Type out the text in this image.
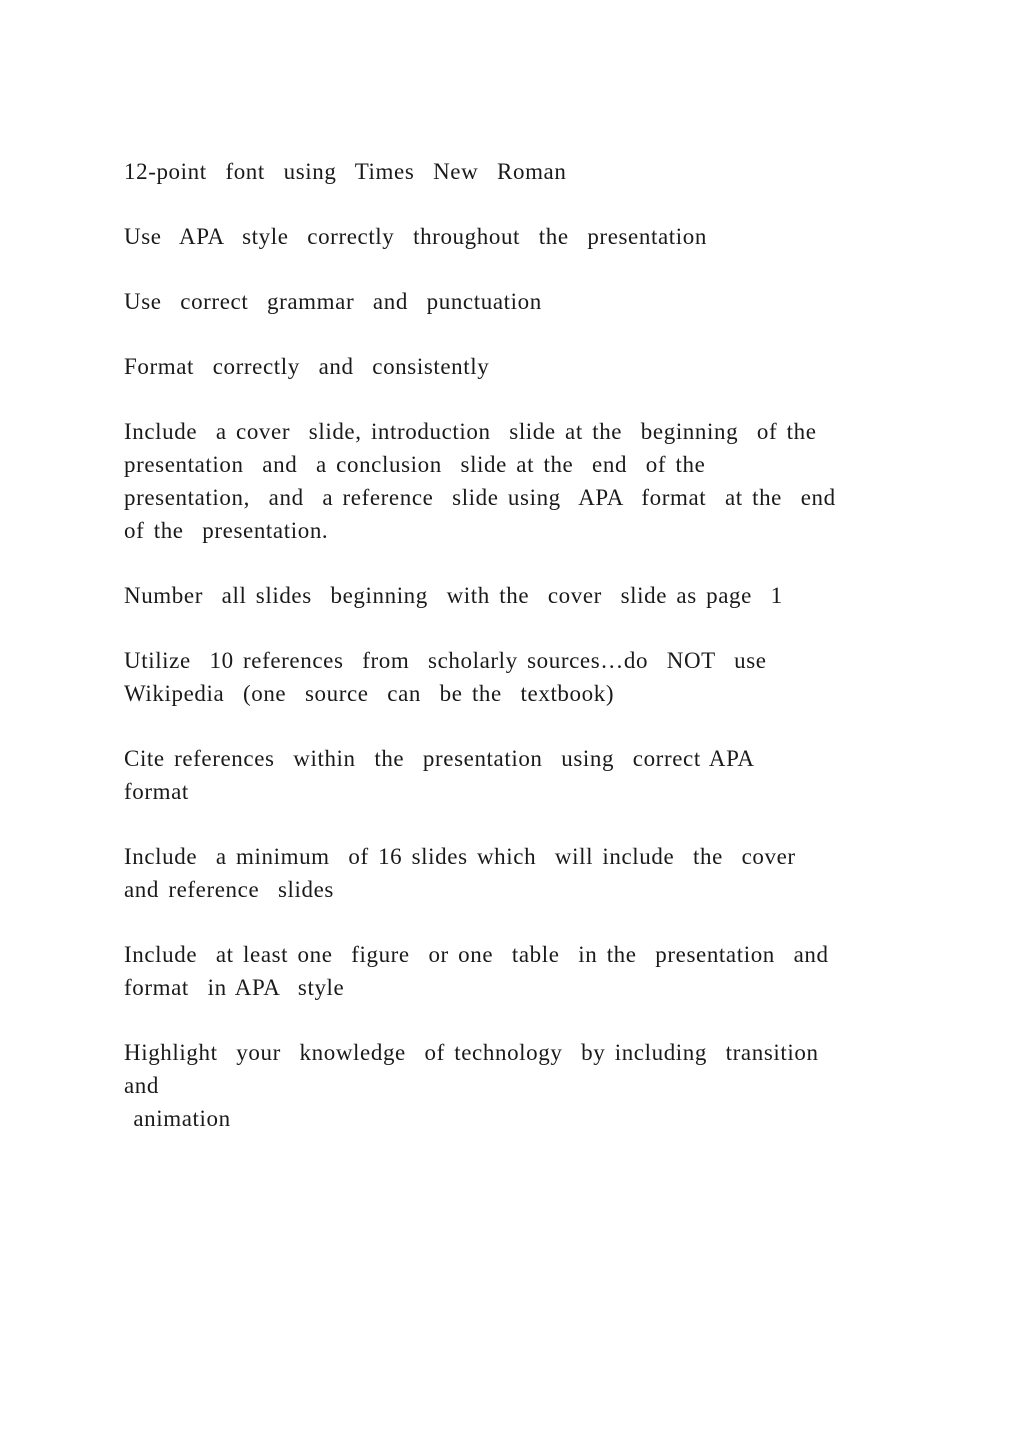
12-point  font  using  Times  New  Roman

Use  APA  style  correctly  throughout  the  presentation

Use  correct  grammar  and  punctuation

Format  correctly  and  consistently

Include  a cover  slide, introduction  slide at the  beginning  of the
presentation  and  a conclusion  slide at the  end  of the
presentation,  and  a reference  slide using  APA  format  at the  end
of the  presentation.

Number  all slides  beginning  with the  cover  slide as page  1

Utilize  10 references  from  scholarly sources…do  NOT  use
Wikipedia  (one  source  can  be the  textbook)

Cite references  within  the  presentation  using  correct APA
format

Include  a minimum  of 16 slides which  will include  the  cover
and reference  slides

Include  at least one  figure  or one  table  in the  presentation  and
format  in APA  style

Highlight  your  knowledge  of technology  by including  transition
and
animation
